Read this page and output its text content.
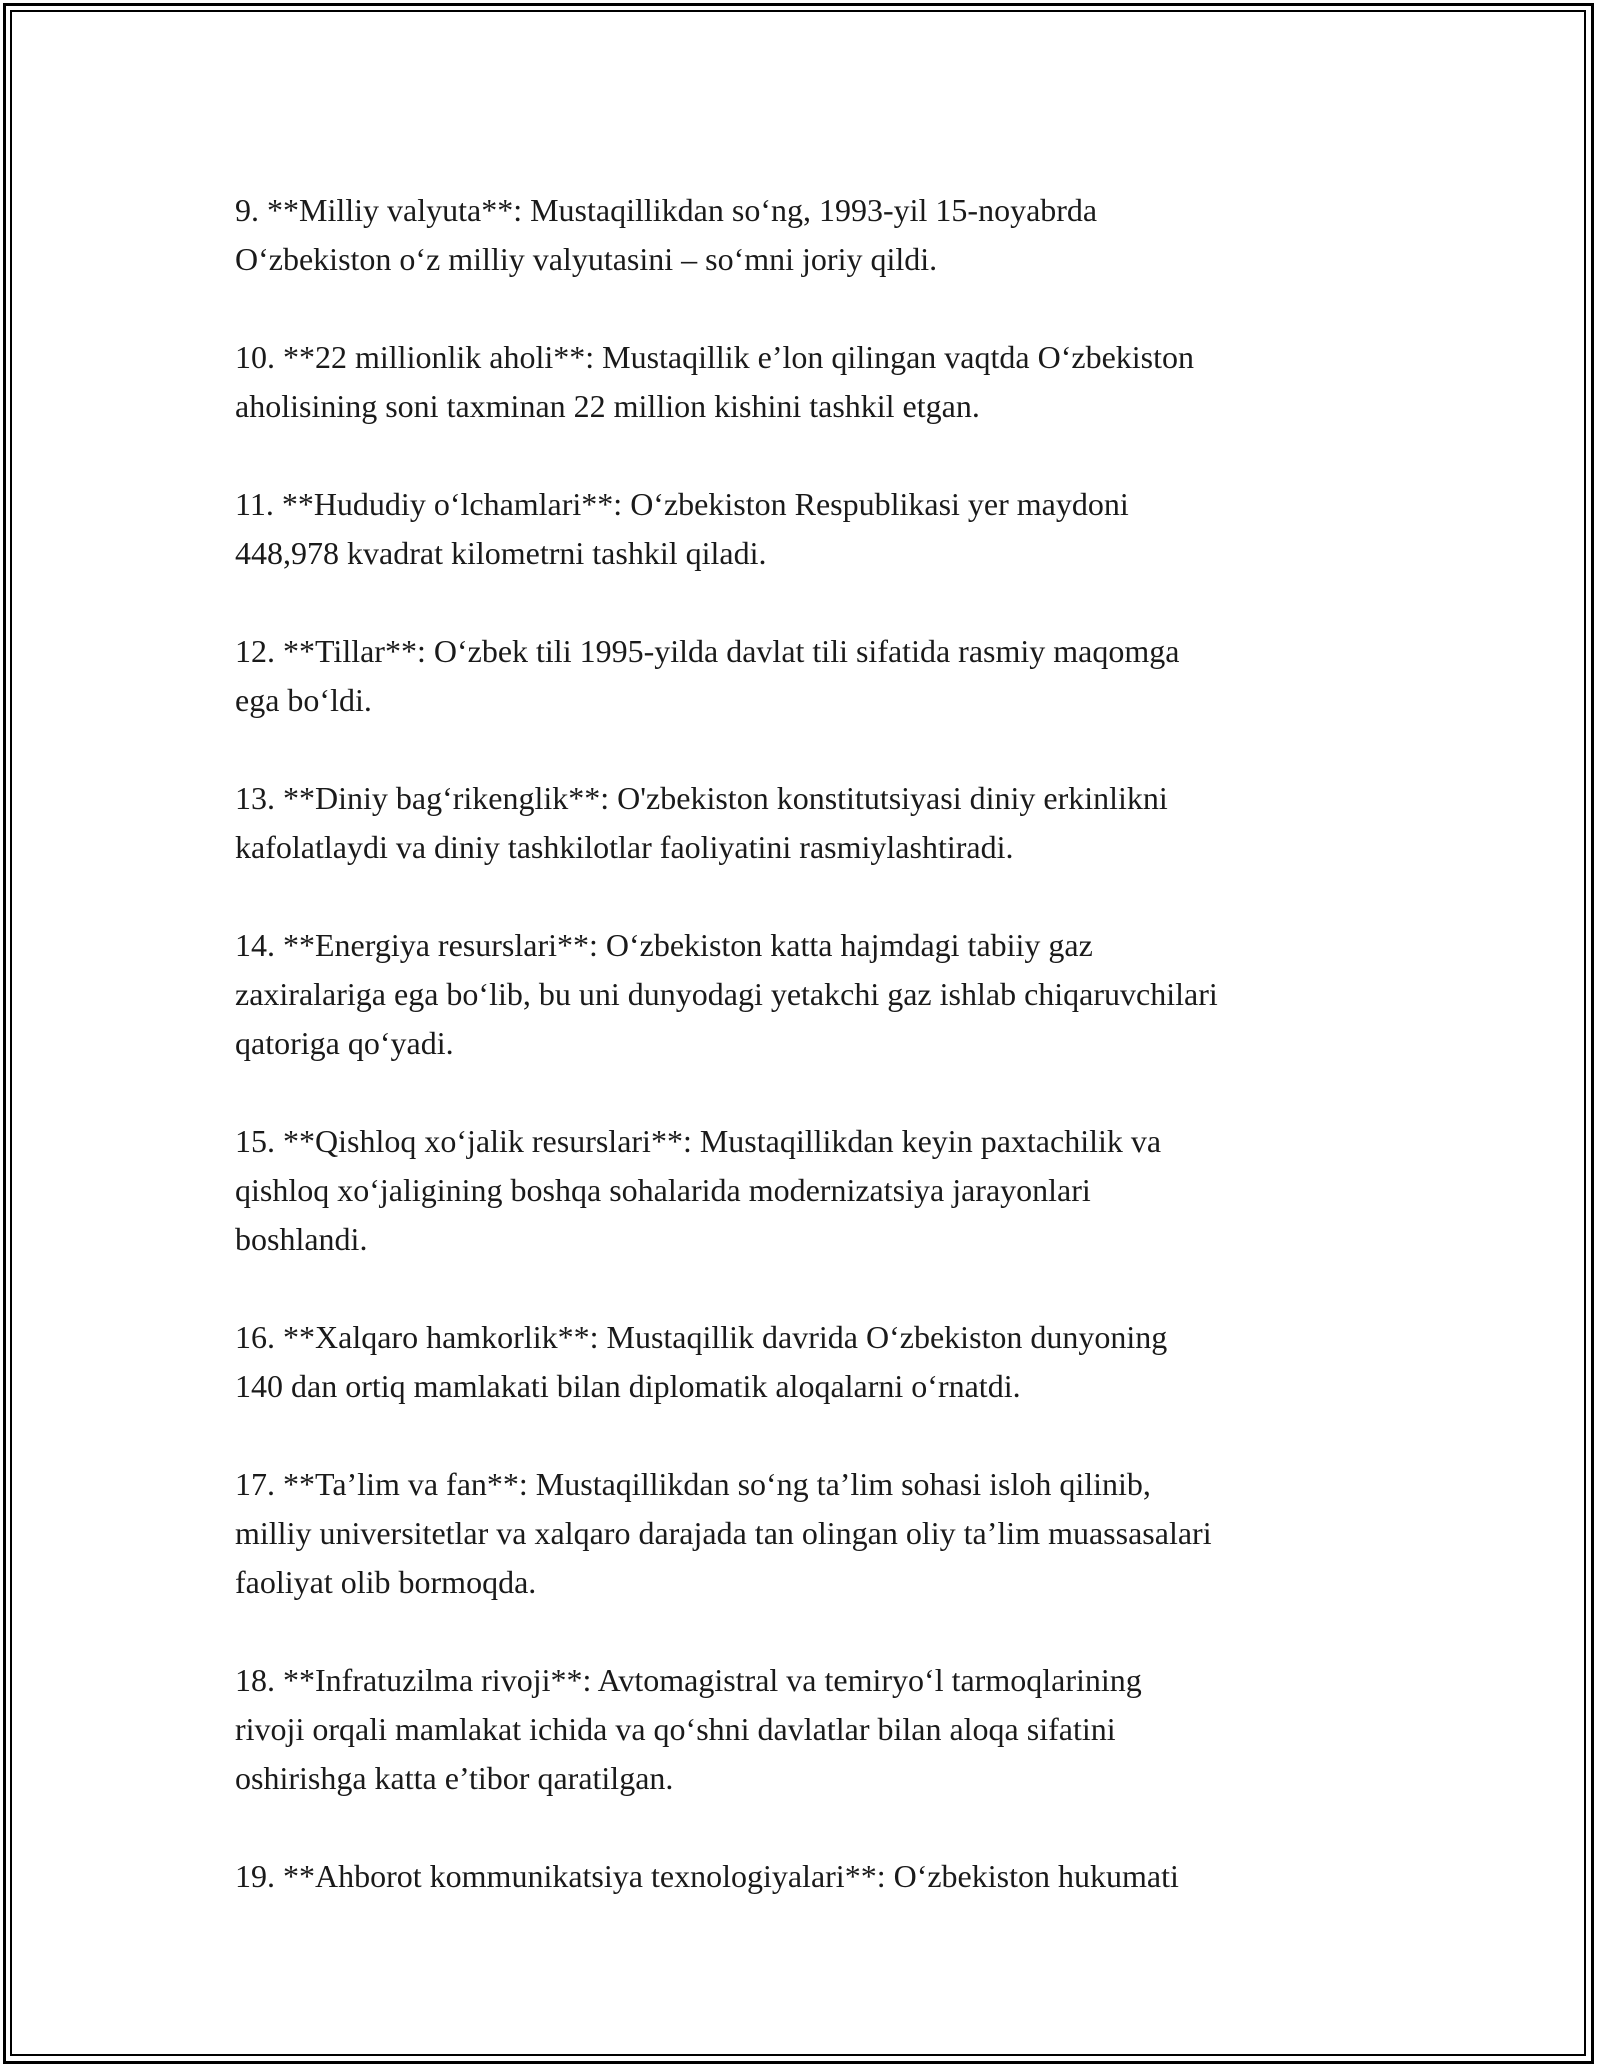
9. **Milliy valyuta**: Mustaqillikdan so‘ng, 1993-yil 15-noyabrda
O‘zbekiston o‘z milliy valyutasini – so‘mni joriy qildi.
10. **22 millionlik aholi**: Mustaqillik e’lon qilingan vaqtda O‘zbekiston
aholisining soni taxminan 22 million kishini tashkil etgan.
11. **Hududiy o‘lchamlari**: O‘zbekiston Respublikasi yer maydoni
448,978 kvadrat kilometrni tashkil qiladi.
12. **Tillar**: O‘zbek tili 1995-yilda davlat tili sifatida rasmiy maqomga
ega bo‘ldi.
13. **Diniy bag‘rikenglik**: O'zbekiston konstitutsiyasi diniy erkinlikni
kafolatlaydi va diniy tashkilotlar faoliyatini rasmiylashtiradi.
14. **Energiya resurslari**: O‘zbekiston katta hajmdagi tabiiy gaz
zaxiralariga ega bo‘lib, bu uni dunyodagi yetakchi gaz ishlab chiqaruvchilari
qatoriga qo‘yadi.
15. **Qishloq xo‘jalik resurslari**: Mustaqillikdan keyin paxtachilik va
qishloq xo‘jaligining boshqa sohalarida modernizatsiya jarayonlari
boshlandi.
16. **Xalqaro hamkorlik**: Mustaqillik davrida O‘zbekiston dunyoning
140 dan ortiq mamlakati bilan diplomatik aloqalarni o‘rnatdi.
17. **Ta’lim va fan**: Mustaqillikdan so‘ng ta’lim sohasi isloh qilinib,
milliy universitetlar va xalqaro darajada tan olingan oliy ta’lim muassasalari
faoliyat olib bormoqda.
18. **Infratuzilma rivoji**: Avtomagistral va temiryo‘l tarmoqlarining
rivoji orqali mamlakat ichida va qo‘shni davlatlar bilan aloqa sifatini
oshirishga katta e’tibor qaratilgan.
19. **Ahborot kommunikatsiya texnologiyalari**: O‘zbekiston hukumati
